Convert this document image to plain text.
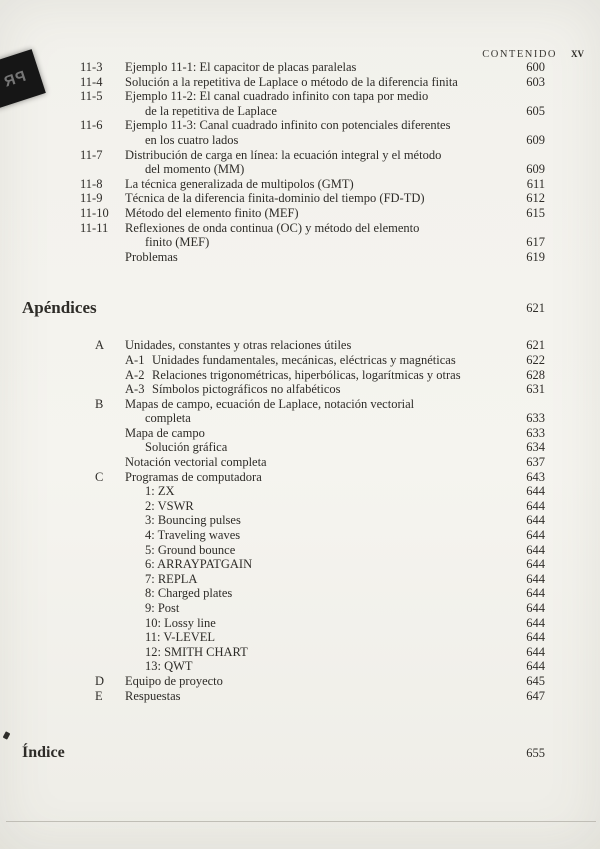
PR
CONTENIDO xv
11-3	Ejemplo 11-1: El capacitor de placas paralelas	600
11-4	Solución a la repetitiva de Laplace o método de la diferencia finita	603
11-5	Ejemplo 11-2: El canal cuadrado infinito con tapa por medio
de la repetitiva de Laplace	605
11-6	Ejemplo 11-3: Canal cuadrado infinito con potenciales diferentes
en los cuatro lados	609
11-7	Distribución de carga en línea: la ecuación integral y el método
del momento (MM)	609
11-8	La técnica generalizada de multipolos (GMT)	611
11-9	Técnica de la diferencia finita-dominio del tiempo (FD-TD)	612
11-10	Método del elemento finito (MEF)	615
11-11	Reflexiones de onda continua (OC) y método del elemento
finito (MEF)	617
Problemas	619
Apéndices	621
A	Unidades, constantes y otras relaciones útiles	621
A-1 Unidades fundamentales, mecánicas, eléctricas y magnéticas	622
A-2 Relaciones trigonométricas, hiperbólicas, logarítmicas y otras	628
A-3 Símbolos pictográficos no alfabéticos	631
B	Mapas de campo, ecuación de Laplace, notación vectorial
completa	633
Mapa de campo	633
Solución gráfica	634
Notación vectorial completa	637
C	Programas de computadora	643
1: ZX	644
2: VSWR	644
3: Bouncing pulses	644
4: Traveling waves	644
5: Ground bounce	644
6: ARRAYPATGAIN	644
7: REPLA	644
8: Charged plates	644
9: Post	644
10: Lossy line	644
11: V-LEVEL	644
12: SMITH CHART	644
13: QWT	644
D	Equipo de proyecto	645
E	Respuestas	647
Índice	655
